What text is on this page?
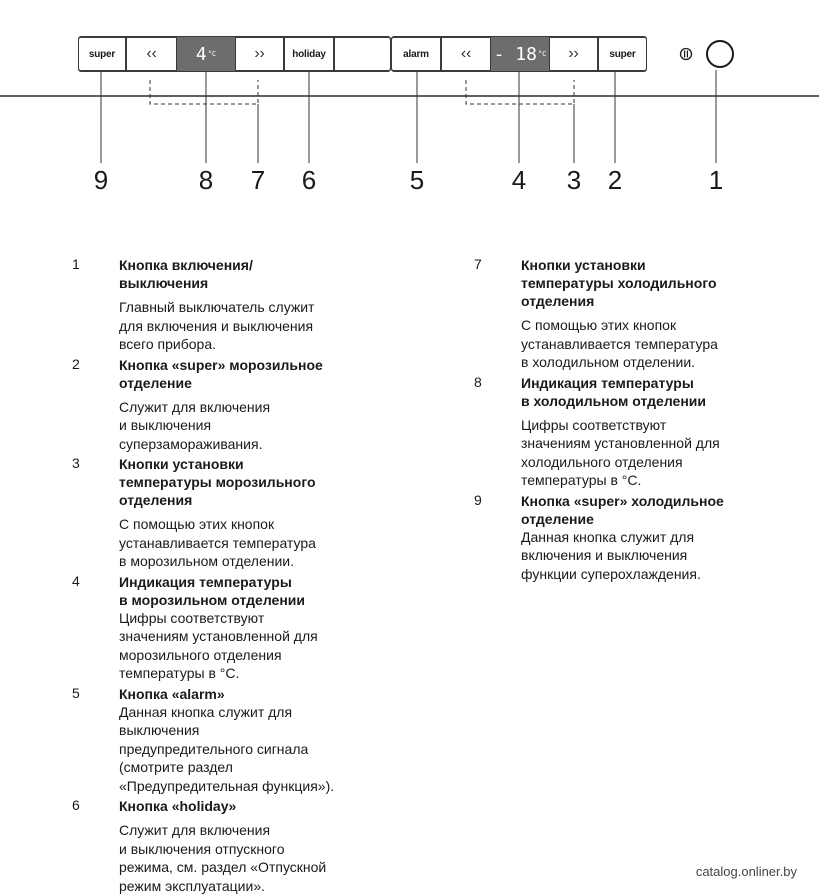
super ‹‹ 4 °C ››	holiday	alarm ‹‹ - 18 °C ››	super
9	8 7 6	5	4 3 2	1
1	Кнопка включения/
выключения
Главный выключатель служит
для включения и выключения
всего прибора.
2	Кнопка «super» морозильное
отделение
Служит для включения
и выключения
суперзамораживания.
3	Кнопки установки
температуры морозильного
отделения
С помощью этих кнопок
устанавливается температура
в морозильном отделении.
4	Индикация температуры
в морозильном отделении
Цифры соответствуют
значениям установленной для
морозильного отделения
температуры в °C.
5	Кнопка «alarm»
Данная кнопка служит для
выключения
предупредительного сигнала
(смотрите раздел
«Предупредительная функция»).
6	Кнопка «holiday»
Служит для включения
и выключения отпускного
режима, см. раздел «Отпускной
режим эксплуатации».
7	Кнопки установки
температуры холодильного
отделения
С помощью этих кнопок
устанавливается температура
в холодильном отделении.
8	Индикация температуры
в холодильном отделении
Цифры соответствуют
значениям установленной для
холодильного отделения
температуры в °C.
9	Кнопка «super» холодильное
отделение
Данная кнопка служит для
включения и выключения
функции суперохлаждения.
catalog.onliner.by
